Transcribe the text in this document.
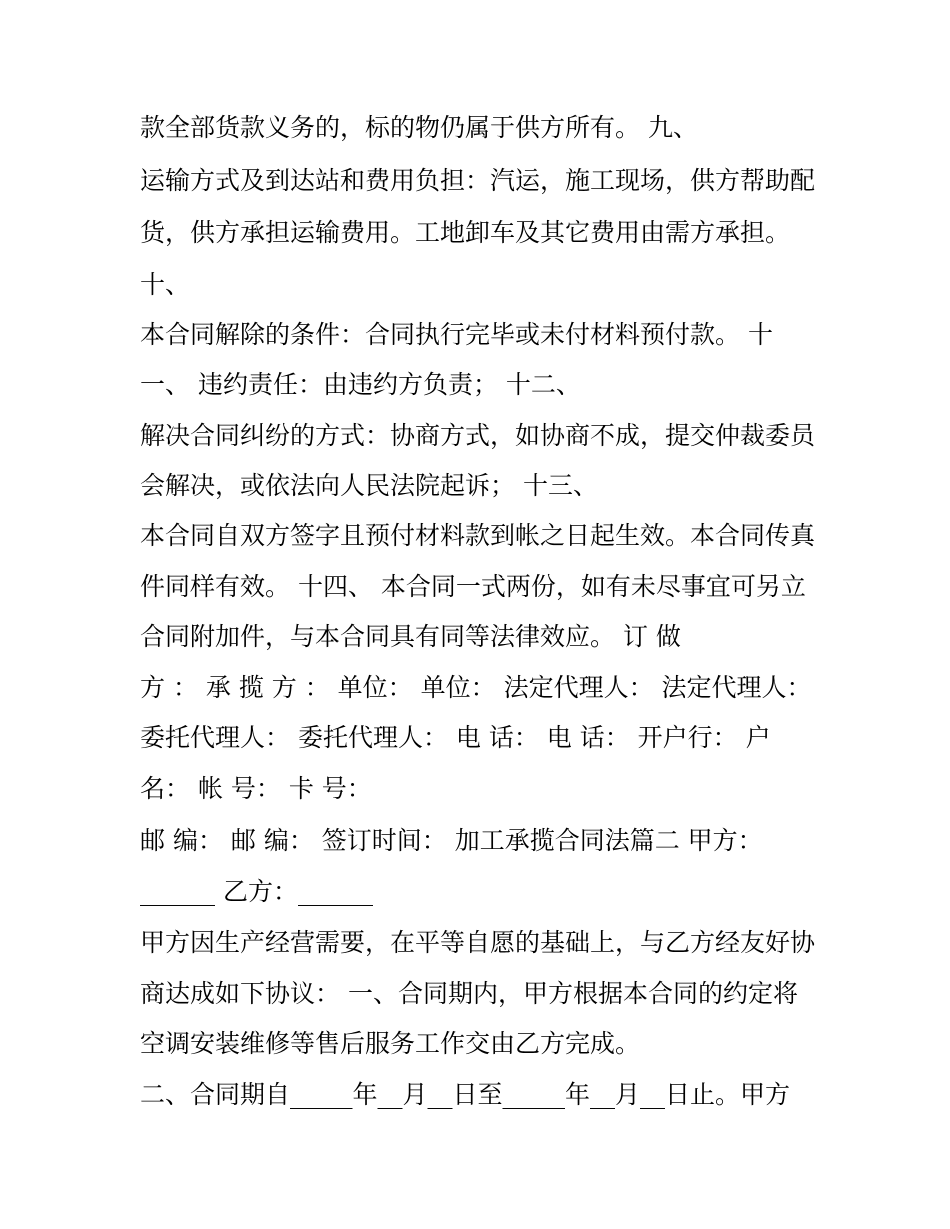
款全部货款义务的，标的物仍属于供方所有。 九、
运输方式及到达站和费用负担：汽运，施工现场，供方帮助配
货，供方承担运输费用。工地卸车及其它费用由需方承担。
十、
本合同解除的条件：合同执行完毕或未付材料预付款。 十
一、 违约责任：由违约方负责； 十二、
解决合同纠纷的方式：协商方式，如协商不成，提交仲裁委员
会解决，或依法向人民法院起诉； 十三、
本合同自双方签字且预付材料款到帐之日起生效。本合同传真
件同样有效。 十四、 本合同一式两份，如有未尽事宜可另立
合同附加件，与本合同具有同等法律效应。 订 做
方 ： 承 揽 方 ： 单位： 单位： 法定代理人： 法定代理人：
委托代理人： 委托代理人： 电 话： 电 话： 开户行： 户
名： 帐 号： 卡 号：
邮 编： 邮 编： 签订时间： 加工承揽合同法篇二 甲方：
______ 乙方：______
甲方因生产经营需要，在平等自愿的基础上，与乙方经友好协
商达成如下协议： 一、合同期内，甲方根据本合同的约定将
空调安装维修等售后服务工作交由乙方完成。
二、合同期自_____年__月__日至_____年__月__日止。甲方
